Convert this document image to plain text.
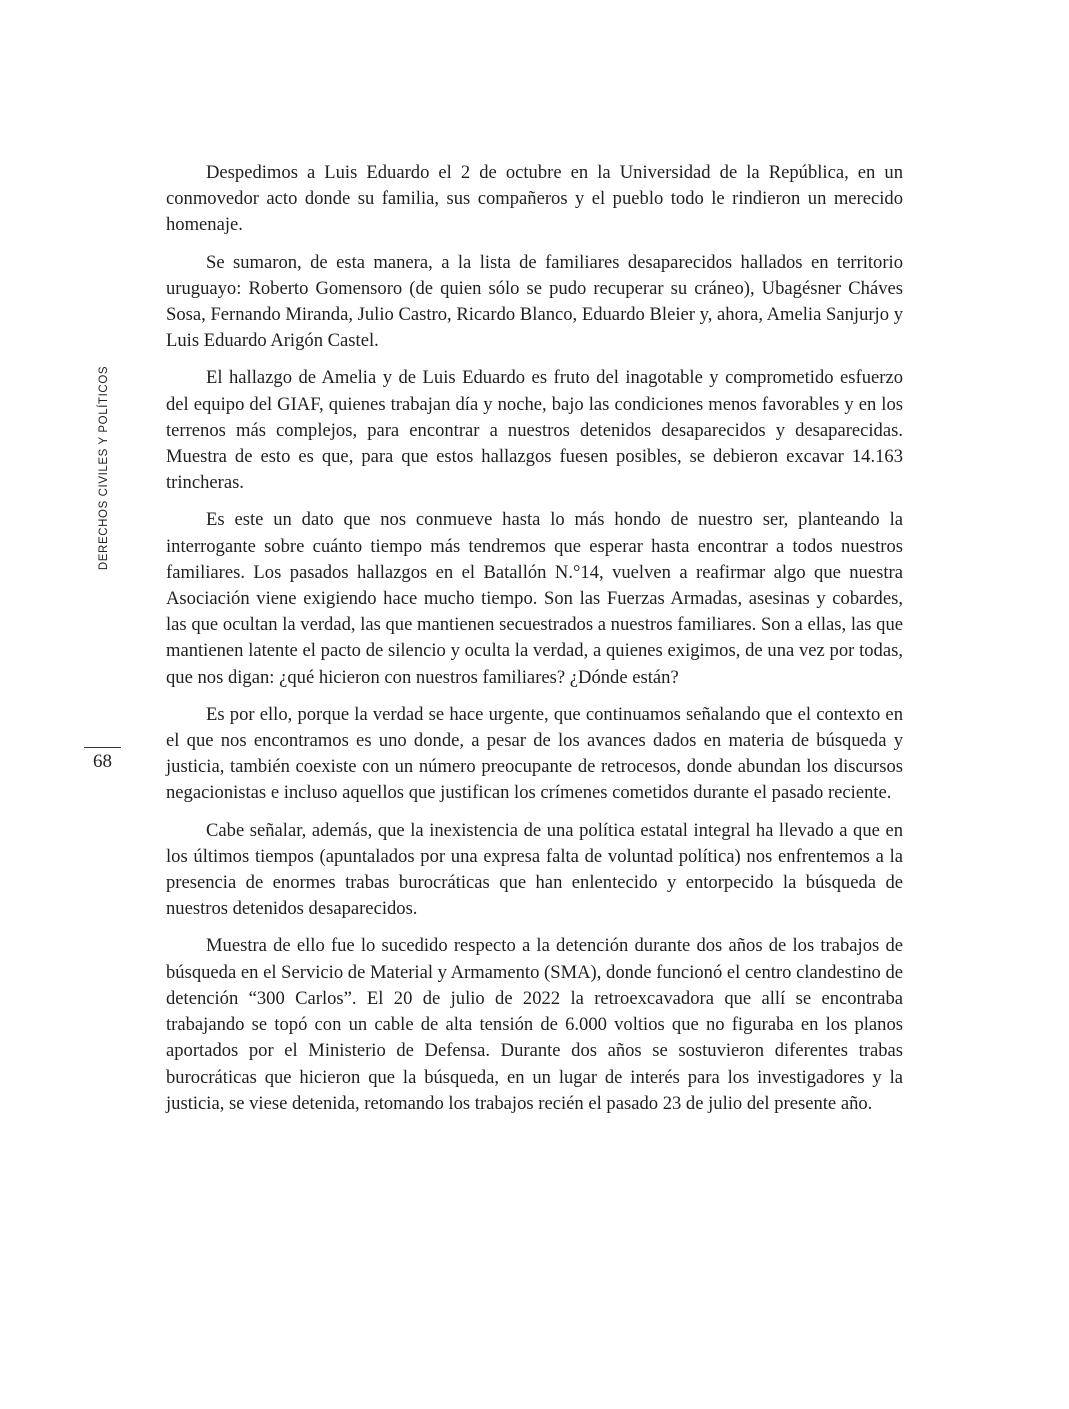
DERECHOS CIVILES Y POLÍTICOS
68

Despedimos a Luis Eduardo el 2 de octubre en la Universidad de la República, en un conmovedor acto donde su familia, sus compañeros y el pueblo todo le rindieron un merecido homenaje.

Se sumaron, de esta manera, a la lista de familiares desaparecidos hallados en territorio uruguayo: Roberto Gomensoro (de quien sólo se pudo recuperar su cráneo), Ubagésner Cháves Sosa, Fernando Miranda, Julio Castro, Ricardo Blanco, Eduardo Bleier y, ahora, Amelia Sanjurjo y Luis Eduardo Arigón Castel.

El hallazgo de Amelia y de Luis Eduardo es fruto del inagotable y comprometido esfuerzo del equipo del GIAF, quienes trabajan día y noche, bajo las condiciones menos favorables y en los terrenos más complejos, para encontrar a nuestros detenidos desaparecidos y desaparecidas. Muestra de esto es que, para que estos hallazgos fuesen posibles, se debieron excavar 14.163 trincheras.

Es este un dato que nos conmueve hasta lo más hondo de nuestro ser, planteando la interrogante sobre cuánto tiempo más tendremos que esperar hasta encontrar a todos nuestros familiares. Los pasados hallazgos en el Batallón N.°14, vuelven a reafirmar algo que nuestra Asociación viene exigiendo hace mucho tiempo. Son las Fuerzas Armadas, asesinas y cobardes, las que ocultan la verdad, las que mantienen secuestrados a nuestros familiares. Son a ellas, las que mantienen latente el pacto de silencio y oculta la verdad, a quienes exigimos, de una vez por todas, que nos digan: ¿qué hicieron con nuestros familiares? ¿Dónde están?

Es por ello, porque la verdad se hace urgente, que continuamos señalando que el contexto en el que nos encontramos es uno donde, a pesar de los avances dados en materia de búsqueda y justicia, también coexiste con un número preocupante de retrocesos, donde abundan los discursos negacionistas e incluso aquellos que justifican los crímenes cometidos durante el pasado reciente.

Cabe señalar, además, que la inexistencia de una política estatal integral ha llevado a que en los últimos tiempos (apuntalados por una expresa falta de voluntad política) nos enfrentemos a la presencia de enormes trabas burocráticas que han enlentecido y entorpecido la búsqueda de nuestros detenidos desaparecidos.

Muestra de ello fue lo sucedido respecto a la detención durante dos años de los trabajos de búsqueda en el Servicio de Material y Armamento (SMA), donde funcionó el centro clandestino de detención “300 Carlos”. El 20 de julio de 2022 la retroexcavadora que allí se encontraba trabajando se topó con un cable de alta tensión de 6.000 voltios que no figuraba en los planos aportados por el Ministerio de Defensa. Durante dos años se sostuvieron diferentes trabas burocráticas que hicieron que la búsqueda, en un lugar de interés para los investigadores y la justicia, se viese detenida, retomando los trabajos recién el pasado 23 de julio del presente año.
